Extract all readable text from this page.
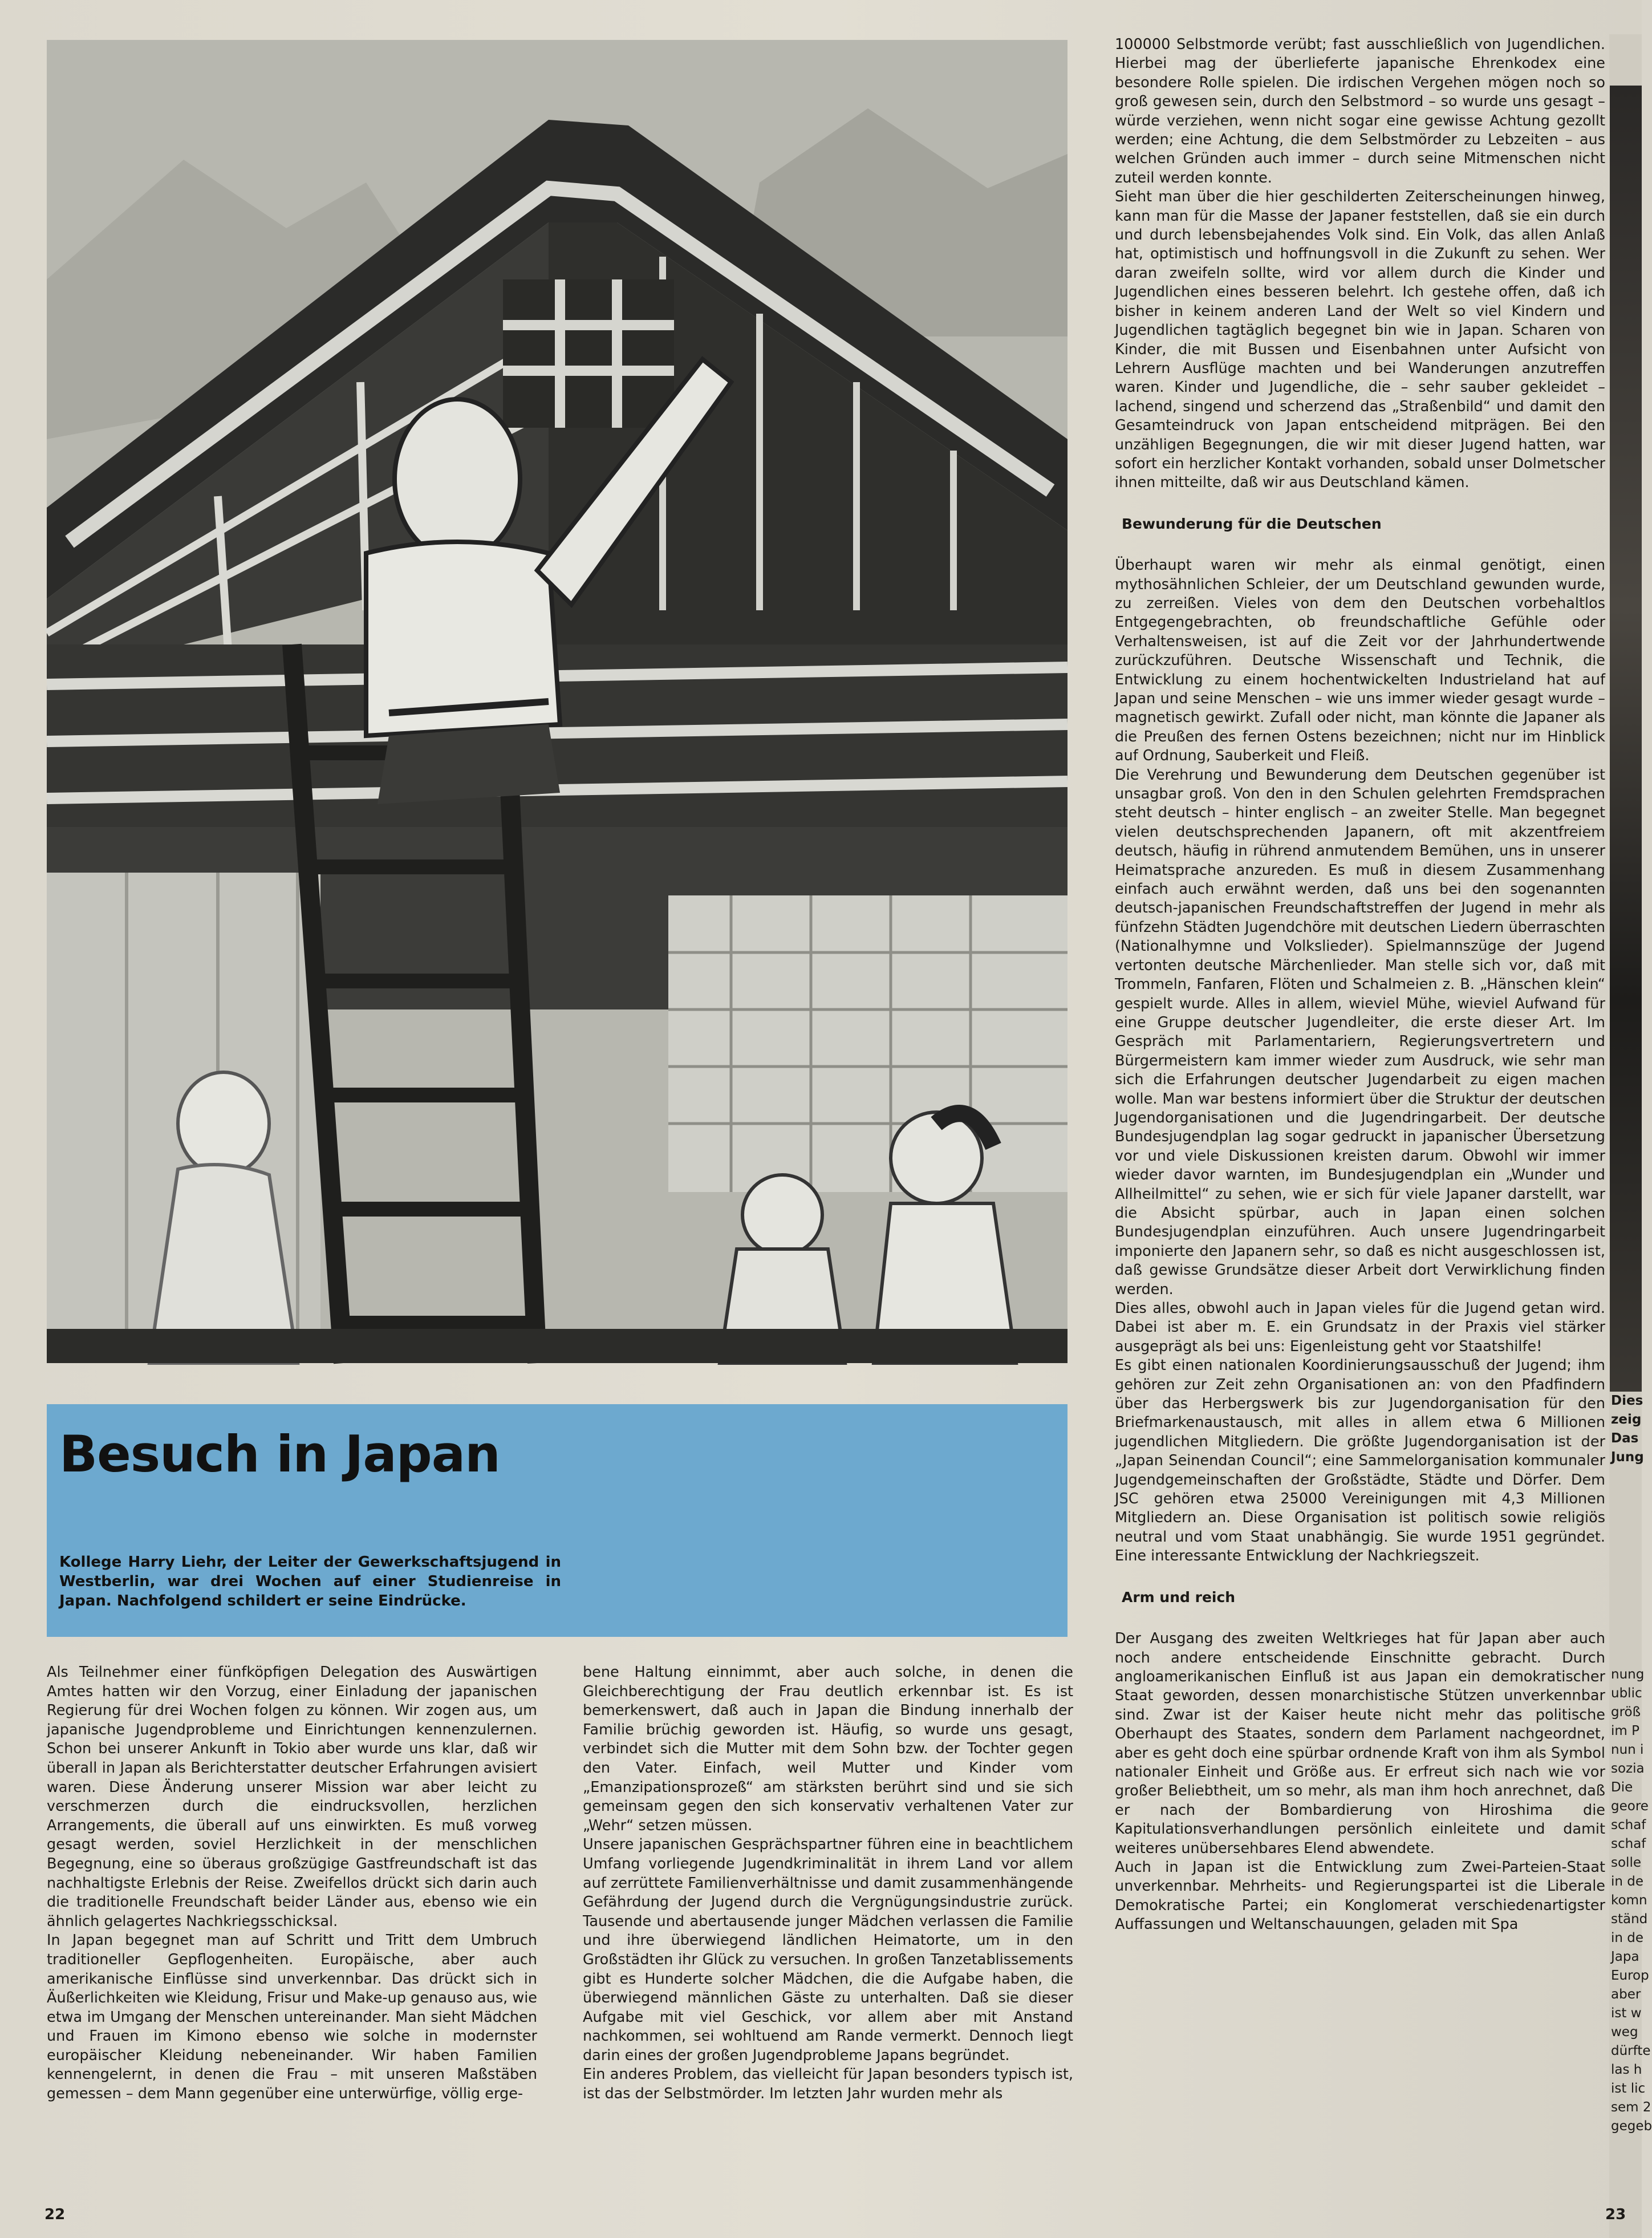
Besuch in Japan

Kollege Harry Liehr, der Leiter der Gewerkschaftsjugend in Westberlin, war drei Wochen auf einer Studienreise in Japan. Nachfolgend schildert er seine Eindrücke.

Als Teilnehmer einer fünfköpfigen Delegation des Auswärtigen Amtes hatten wir den Vorzug, einer Einladung der japanischen Regierung für drei Wochen folgen zu können. Wir zogen aus, um japanische Jugendprobleme und Einrichtungen kennenzulernen. Schon bei unserer Ankunft in Tokio aber wurde uns klar, daß wir überall in Japan als Berichterstatter deutscher Erfahrungen avisiert waren. Diese Änderung unserer Mission war aber leicht zu verschmerzen durch die eindrucksvollen, herzlichen Arrangements, die überall auf uns einwirkten. Es muß vorweg gesagt werden, soviel Herzlichkeit in der menschlichen Begegnung, eine so überaus großzügige Gastfreundschaft ist das nachhaltigste Erlebnis der Reise. Zweifellos drückt sich darin auch die traditionelle Freundschaft beider Länder aus, ebenso wie ein ähnlich gelagertes Nachkriegsschicksal.

In Japan begegnet man auf Schritt und Tritt dem Umbruch traditioneller Gepflogenheiten. Europäische, aber auch amerikanische Einflüsse sind unverkennbar. Das drückt sich in Äußerlichkeiten wie Kleidung, Frisur und Make-up genauso aus, wie etwa im Umgang der Menschen untereinander. Man sieht Mädchen und Frauen im Kimono ebenso wie solche in modernster europäischer Kleidung nebeneinander. Wir haben Familien kennengelernt, in denen die Frau – mit unseren Maßstäben gemessen – dem Mann gegenüber eine unterwürfige, völlig erge-

bene Haltung einnimmt, aber auch solche, in denen die Gleichberechtigung der Frau deutlich erkennbar ist. Es ist bemerkenswert, daß auch in Japan die Bindung innerhalb der Familie brüchig geworden ist. Häufig, so wurde uns gesagt, verbindet sich die Mutter mit dem Sohn bzw. der Tochter gegen den Vater. Einfach, weil Mutter und Kinder vom „Emanzipationsprozeß“ am stärksten berührt sind und sie sich gemeinsam gegen den sich konservativ verhaltenen Vater zur „Wehr“ setzen müssen.

Unsere japanischen Gesprächspartner führen eine in beachtlichem Umfang vorliegende Jugendkriminalität in ihrem Land vor allem auf zerrüttete Familienverhältnisse und damit zusammenhängende Gefährdung der Jugend durch die Vergnügungsindustrie zurück. Tausende und abertausende junger Mädchen verlassen die Familie und ihre überwiegend ländlichen Heimatorte, um in den Großstädten ihr Glück zu versuchen. In großen Tanzetablissements gibt es Hunderte solcher Mädchen, die die Aufgabe haben, die überwiegend männlichen Gäste zu unterhalten. Daß sie dieser Aufgabe mit viel Geschick, vor allem aber mit Anstand nachkommen, sei wohltuend am Rande vermerkt. Dennoch liegt darin eines der großen Jugendprobleme Japans begründet.

Ein anderes Problem, das vielleicht für Japan besonders typisch ist, ist das der Selbstmörder. Im letzten Jahr wurden mehr als

100000 Selbstmorde verübt; fast ausschließlich von Jugendlichen. Hierbei mag der überlieferte japanische Ehrenkodex eine besondere Rolle spielen. Die irdischen Vergehen mögen noch so groß gewesen sein, durch den Selbstmord – so wurde uns gesagt – würde verziehen, wenn nicht sogar eine gewisse Achtung gezollt werden; eine Achtung, die dem Selbstmörder zu Lebzeiten – aus welchen Gründen auch immer – durch seine Mitmenschen nicht zuteil werden konnte.

Sieht man über die hier geschilderten Zeiterscheinungen hinweg, kann man für die Masse der Japaner feststellen, daß sie ein durch und durch lebensbejahendes Volk sind. Ein Volk, das allen Anlaß hat, optimistisch und hoffnungsvoll in die Zukunft zu sehen. Wer daran zweifeln sollte, wird vor allem durch die Kinder und Jugendlichen eines besseren belehrt. Ich gestehe offen, daß ich bisher in keinem anderen Land der Welt so viel Kindern und Jugendlichen tagtäglich begegnet bin wie in Japan. Scharen von Kinder, die mit Bussen und Eisenbahnen unter Aufsicht von Lehrern Ausflüge machten und bei Wanderungen anzutreffen waren. Kinder und Jugendliche, die – sehr sauber gekleidet – lachend, singend und scherzend das „Straßenbild“ und damit den Gesamteindruck von Japan entscheidend mitprägen. Bei den unzähligen Begegnungen, die wir mit dieser Jugend hatten, war sofort ein herzlicher Kontakt vorhanden, sobald unser Dolmetscher ihnen mitteilte, daß wir aus Deutschland kämen.

Bewunderung für die Deutschen

Überhaupt waren wir mehr als einmal genötigt, einen mythosähnlichen Schleier, der um Deutschland gewunden wurde, zu zerreißen. Vieles von dem den Deutschen vorbehaltlos Entgegengebrachten, ob freundschaftliche Gefühle oder Verhaltensweisen, ist auf die Zeit vor der Jahrhundertwende zurückzuführen. Deutsche Wissenschaft und Technik, die Entwicklung zu einem hochentwickelten Industrieland hat auf Japan und seine Menschen – wie uns immer wieder gesagt wurde – magnetisch gewirkt. Zufall oder nicht, man könnte die Japaner als die Preußen des fernen Ostens bezeichnen; nicht nur im Hinblick auf Ordnung, Sauberkeit und Fleiß.

Die Verehrung und Bewunderung dem Deutschen gegenüber ist unsagbar groß. Von den in den Schulen gelehrten Fremdsprachen steht deutsch – hinter englisch – an zweiter Stelle. Man begegnet vielen deutschsprechenden Japanern, oft mit akzentfreiem deutsch, häufig in rührend anmutendem Bemühen, uns in unserer Heimatsprache anzureden. Es muß in diesem Zusammenhang einfach auch erwähnt werden, daß uns bei den sogenannten deutsch-japanischen Freundschaftstreffen der Jugend in mehr als fünfzehn Städten Jugendchöre mit deutschen Liedern überraschten (Nationalhymne und Volkslieder). Spielmannszüge der Jugend vertonten deutsche Märchenlieder. Man stelle sich vor, daß mit Trommeln, Fanfaren, Flöten und Schalmeien z. B. „Hänschen klein“ gespielt wurde. Alles in allem, wieviel Mühe, wieviel Aufwand für eine Gruppe deutscher Jugendleiter, die erste dieser Art. Im Gespräch mit Parlamentariern, Regierungsvertretern und Bürgermeistern kam immer wieder zum Ausdruck, wie sehr man sich die Erfahrungen deutscher Jugendarbeit zu eigen machen wolle. Man war bestens informiert über die Struktur der deutschen Jugendorganisationen und die Jugendringarbeit. Der deutsche Bundesjugendplan lag sogar gedruckt in japanischer Übersetzung vor und viele Diskussionen kreisten darum. Obwohl wir immer wieder davor warnten, im Bundesjugendplan ein „Wunder und Allheilmittel“ zu sehen, wie er sich für viele Japaner darstellt, war die Absicht spürbar, auch in Japan einen solchen Bundesjugendplan einzuführen. Auch unsere Jugendringarbeit imponierte den Japanern sehr, so daß es nicht ausgeschlossen ist, daß gewisse Grundsätze dieser Arbeit dort Verwirklichung finden werden.

Dies alles, obwohl auch in Japan vieles für die Jugend getan wird. Dabei ist aber m. E. ein Grundsatz in der Praxis viel stärker ausgeprägt als bei uns: Eigenleistung geht vor Staatshilfe!

Es gibt einen nationalen Koordinierungsausschuß der Jugend; ihm gehören zur Zeit zehn Organisationen an: von den Pfadfindern über das Herbergswerk bis zur Jugendorganisation für den Briefmarkenaustausch, mit alles in allem etwa 6 Millionen jugendlichen Mitgliedern. Die größte Jugendorganisation ist der „Japan Seinendan Council“; eine Sammelorganisation kommunaler Jugendgemeinschaften der Großstädte, Städte und Dörfer. Dem JSC gehören etwa 25000 Vereinigungen mit 4,3 Millionen Mitgliedern an. Diese Organisation ist politisch sowie religiös neutral und vom Staat unabhängig. Sie wurde 1951 gegründet. Eine interessante Entwicklung der Nachkriegszeit.

Arm und reich

Der Ausgang des zweiten Weltkrieges hat für Japan aber auch noch andere entscheidende Einschnitte gebracht. Durch angloamerikanischen Einfluß ist aus Japan ein demokratischer Staat geworden, dessen monarchistische Stützen unverkennbar sind. Zwar ist der Kaiser heute nicht mehr das politische Oberhaupt des Staates, sondern dem Parlament nachgeordnet, aber es geht doch eine spürbar ordnende Kraft von ihm als Symbol nationaler Einheit und Größe aus. Er erfreut sich nach wie vor großer Beliebtheit, um so mehr, als man ihm hoch anrechnet, daß er nach der Bombardierung von Hiroshima die Kapitulationsverhandlungen persönlich einleitete und damit weiteres unübersehbares Elend abwendete.

Auch in Japan ist die Entwicklung zum Zwei-Parteien-Staat unverkennbar. Mehrheits- und Regierungspartei ist die Liberale Demokratische Partei; ein Konglomerat verschiedenartigster Auffassungen und Weltanschauungen, geladen mit Spa

Dies
zeig
Das
Jung
nung
ublic
größ
im P
nun i
sozia
Die
geore
schaf
schaf
solle
in de
komn
ständ
in de
Japa
Europ
aber
ist w
weg
dürfte
las h
ist lic
sem 2
gegeb
22	23
